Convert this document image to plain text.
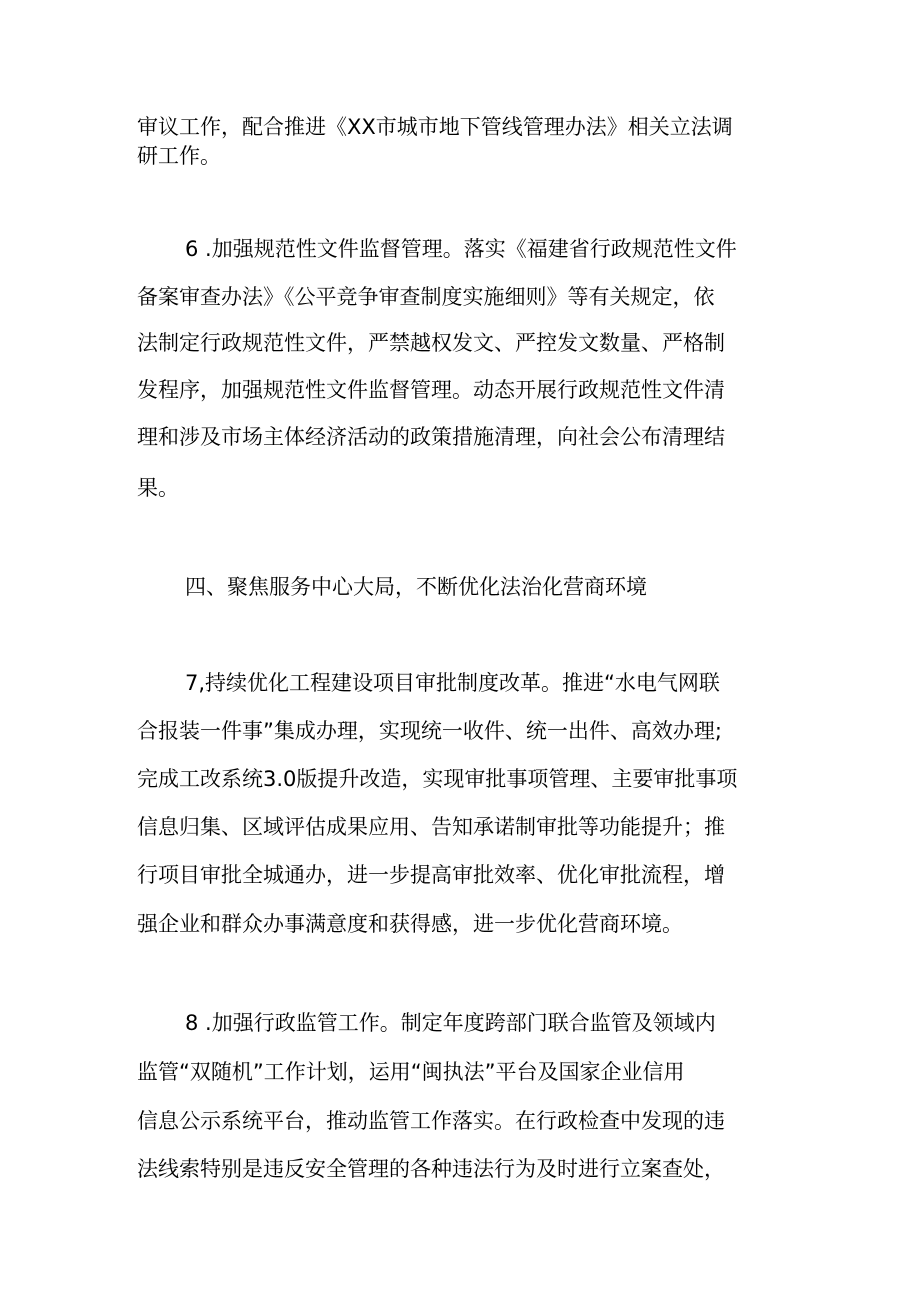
审议工作，配合推进《XX市城市地下管线管理办法》相关立法调

研工作。

6 .加强规范性文件监督管理。落实《福建省行政规范性文件

备案审查办法》《公平竞争审查制度实施细则》等有关规定，依

法制定行政规范性文件，严禁越权发文、严控发文数量、严格制

发程序，加强规范性文件监督管理。动态开展行政规范性文件清

理和涉及市场主体经济活动的政策措施清理，向社会公布清理结

果。

四、聚焦服务中心大局，不断优化法治化营商环境

7,持续优化工程建设项目审批制度改革。推进“水电气网联

合报装一件事”集成办理，实现统一收件、统一出件、高效办理;

完成工改系统3.0版提升改造，实现审批事项管理、主要审批事项

信息归集、区域评估成果应用、告知承诺制审批等功能提升；推

行项目审批全城通办，进一步提高审批效率、优化审批流程，增

强企业和群众办事满意度和获得感，进一步优化营商环境。

8 .加强行政监管工作。制定年度跨部门联合监管及领域内

监管“双随机”工作计划，运用“闽执法”平台及国家企业信用

信息公示系统平台，推动监管工作落实。在行政检查中发现的违

法线索特别是违反安全管理的各种违法行为及时进行立案查处，
